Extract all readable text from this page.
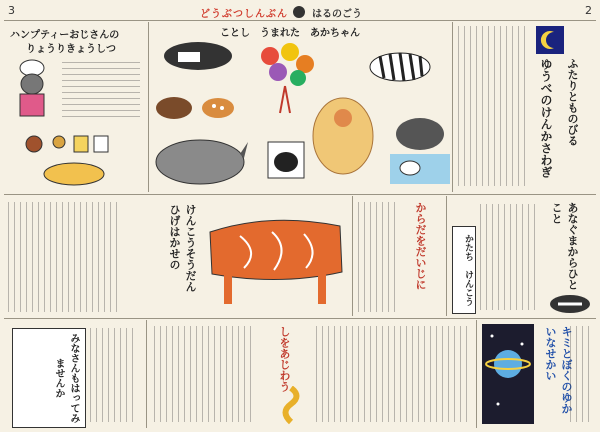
3	2
どうぶつしんぶん はるのごう
ハンプティーおじさんの
りょうりきょうしつ
ことし　うまれた　あかちゃん
ゆうべのけんかさわぎ ふたりとものびる
ひげはかせの けんこうそうだん	からだをだいじに	かたち　けんこう	あなぐまからひとこと
みなさんもはってみませんか	しをあじわう	キミとぼくのゆかいなせかい
